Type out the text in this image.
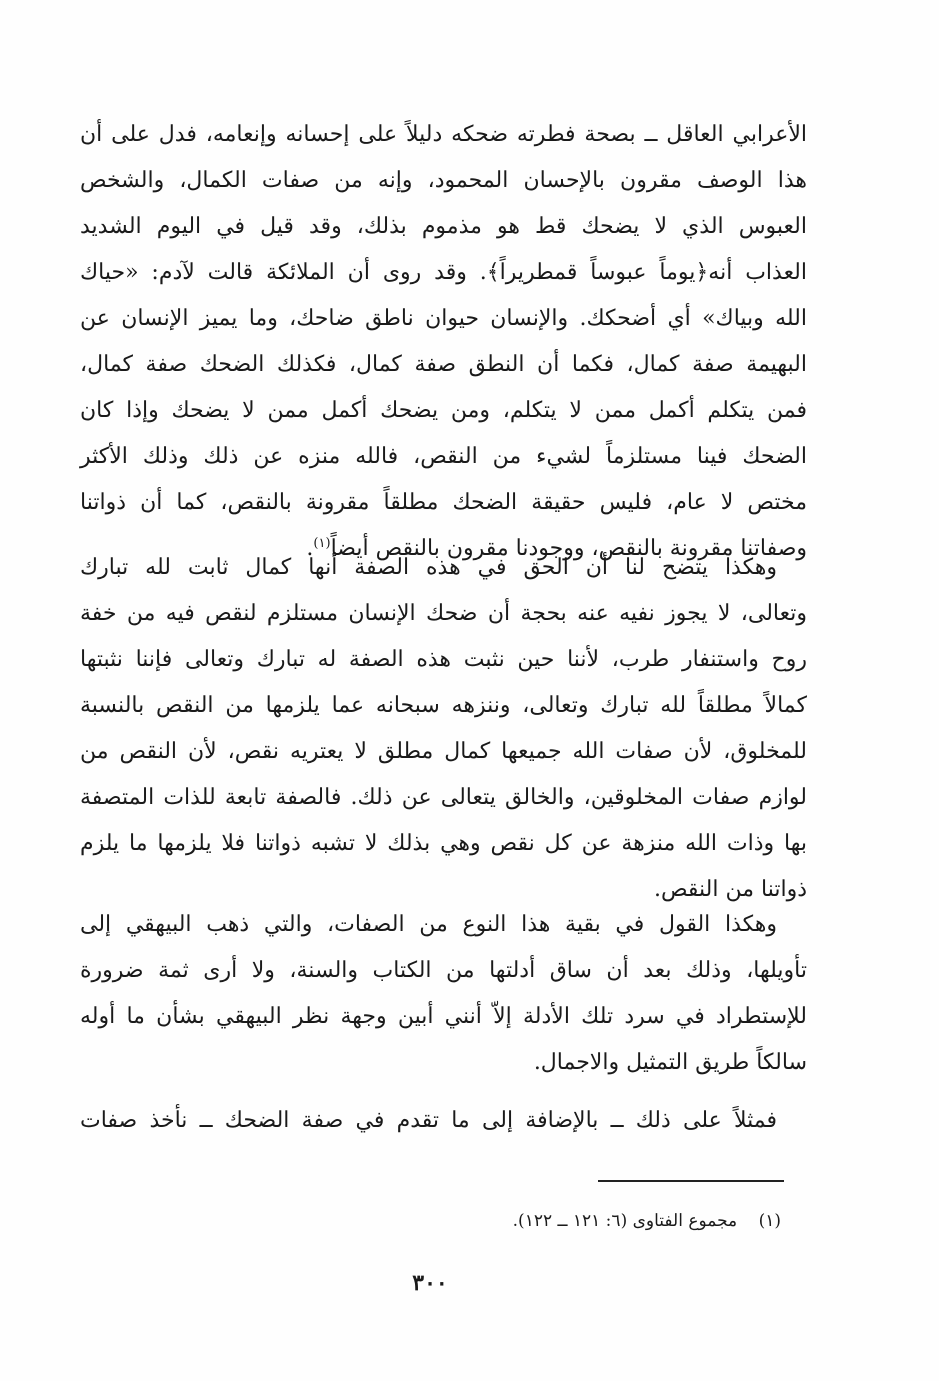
الأعرابي العاقل ــ بصحة فطرته ضحكه دليلاً على إحسانه وإنعامه، فدل على أن
هذا الوصف مقرون بالإحسان المحمود، وإنه من صفات الكمال، والشخص
العبوس الذي لا يضحك قط هو مذموم بذلك، وقد قيل في اليوم الشديد
العذاب أنه﴿يوماً عبوساً قمطريراً﴾. وقد روى أن الملائكة قالت لآدم: «حياك
الله وبياك» أي أضحكك. والإنسان حيوان ناطق ضاحك، وما يميز الإنسان عن
البهيمة صفة كمال، فكما أن النطق صفة كمال، فكذلك الضحك صفة كمال،
فمن يتكلم أكمل ممن لا يتكلم، ومن يضحك أكمل ممن لا يضحك وإذا كان
الضحك فينا مستلزماً لشيء من النقص، فالله منزه عن ذلك وذلك الأكثر
مختص لا عام، فليس حقيقة الضحك مطلقاً مقرونة بالنقص، كما أن ذواتنا
وصفاتنا مقرونة بالنقص، ووجودنا مقرون بالنقص أيضاً$^{(١)}$.
وهكذا يتضح لنا أن الحق في هذه الصفة أنها كمال ثابت لله تبارك
وتعالى، لا يجوز نفيه عنه بحجة أن ضحك الإنسان مستلزم لنقص فيه من خفة
روح واستنفار طرب، لأننا حين نثبت هذه الصفة له تبارك وتعالى فإننا نثبتها
كمالاً مطلقاً لله تبارك وتعالى، وننزهه سبحانه عما يلزمها من النقص بالنسبة
للمخلوق، لأن صفات الله جميعها كمال مطلق لا يعتريه نقص، لأن النقص من
لوازم صفات المخلوقين، والخالق يتعالى عن ذلك. فالصفة تابعة للذات المتصفة
بها وذات الله منزهة عن كل نقص وهي بذلك لا تشبه ذواتنا فلا يلزمها ما يلزم
ذواتنا من النقص.
وهكذا القول في بقية هذا النوع من الصفات، والتي ذهب البيهقي إلى
تأويلها، وذلك بعد أن ساق أدلتها من الكتاب والسنة، ولا أرى ثمة ضرورة
للإستطراد في سرد تلك الأدلة إلاّ أنني أبين وجهة نظر البيهقي بشأن ما أوله
سالكاً طريق التمثيل والاجمال.
فمثلاً على ذلك ــ بالإضافة إلى ما تقدم في صفة الضحك ــ نأخذ صفات
(١) مجموع الفتاوى (٦: ١٢١ ــ ١٢٢).
٣٠٠
